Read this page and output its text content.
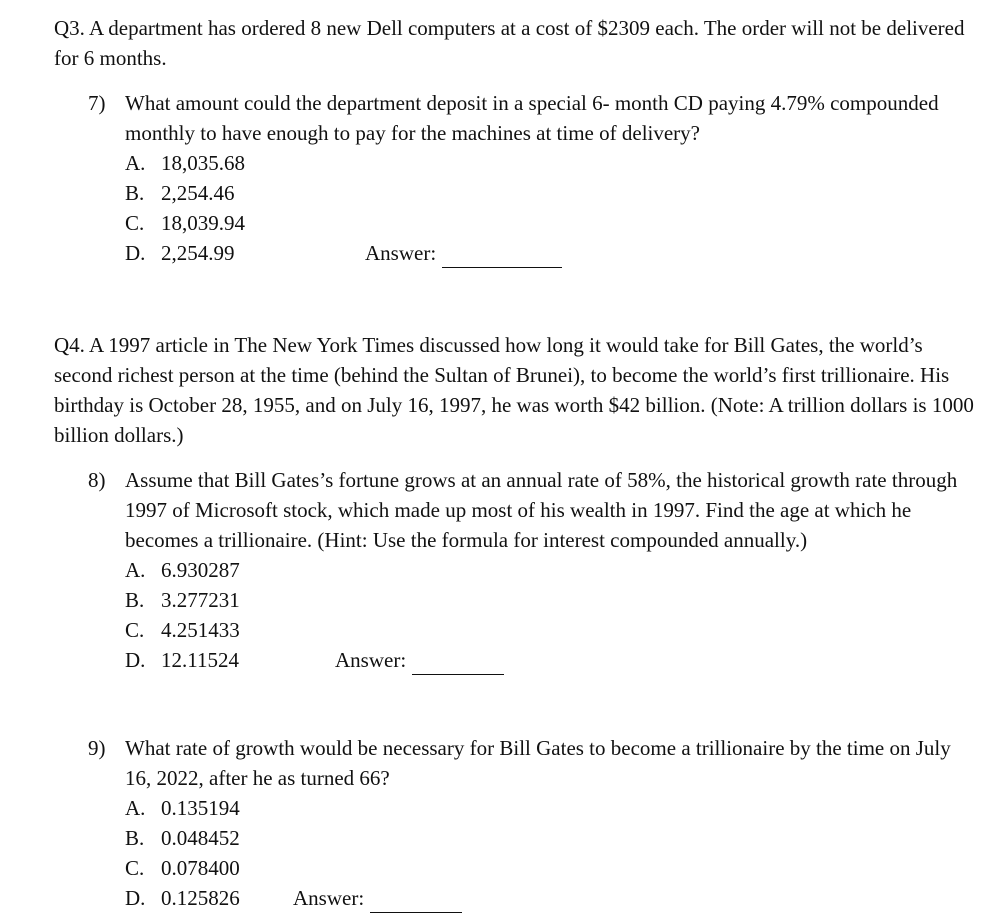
Q3. A department has ordered 8 new Dell computers at a cost of $2309 each. The order will not be delivered for 6 months.

7) What amount could the department deposit in a special 6- month CD paying 4.79% compounded monthly to have enough to pay for the machines at time of delivery?
A. 18,035.68
B. 2,254.46
C. 18,039.94
D. 2,254.99	Answer:

Q4. A 1997 article in The New York Times discussed how long it would take for Bill Gates, the world’s second richest person at the time (behind the Sultan of Brunei), to become the world’s first trillionaire. His birthday is October 28, 1955, and on July 16, 1997, he was worth $42 billion. (Note: A trillion dollars is 1000 billion dollars.)

8) Assume that Bill Gates’s fortune grows at an annual rate of 58%, the historical growth rate through 1997 of Microsoft stock, which made up most of his wealth in 1997. Find the age at which he becomes a trillionaire. (Hint: Use the formula for interest compounded annually.)
A. 6.930287
B. 3.277231
C. 4.251433
D. 12.11524	Answer:
9) What rate of growth would be necessary for Bill Gates to become a trillionaire by the time on July 16, 2022, after he as turned 66?
A. 0.135194
B. 0.048452
C. 0.078400
D. 0.125826	Answer:
